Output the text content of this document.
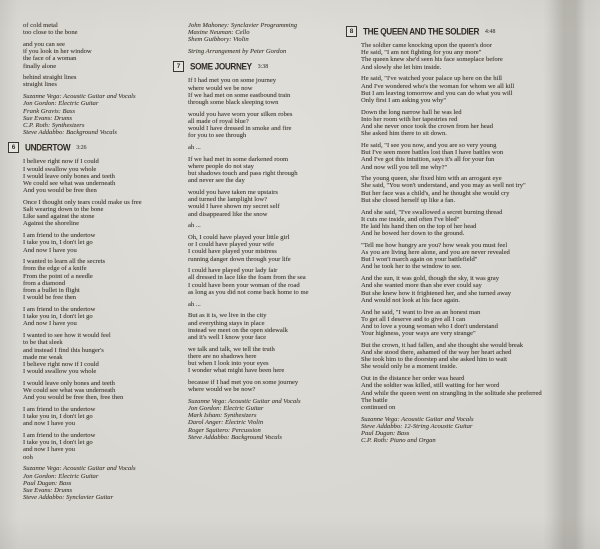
of cold metal
too close to the bone
and you can see
if you look in her window
the face of a woman
finally alone
behind straight lines
straight lines
Suzanne Vega: Acoustic Guitar and Vocals
Jon Gordon: Electric Guitar
Frank Gravis: Bass
Sue Evans: Drums
C.P. Roth: Synthesizers
Steve Addabbo: Background Vocals
6	UNDERTOW 3:26
I believe right now if I could
I would swallow you whole
I would leave only bones and teeth
We could see what was underneath
And you would be free then
Once I thought only tears could make us free
Salt wearing down to the bone
Like sand against the stone
Against the shoreline
I am friend to the undertow
I take you in, I don't let go
And now I have you
I wanted to learn all the secrets
from the edge of a knife
From the point of a needle
from a diamond
from a bullet in flight
I would be free then
I am friend to the undertow
I take you in, I don't let go
And now I have you
I wanted to see how it would feel
to be that sleek
and instead I find this hunger's
made me weak
I believe right now if I could
I would swallow you whole
I would leave only bones and teeth
We could see what was underneath
And you would be free then, free then
I am friend to the undertow
I take you in, I don't let go
and now I have you
I am friend to the undertow
I take you in, I don't let go
and now I have you
ooh
Suzanne Vega: Acoustic Guitar and Vocals
Jon Gordon: Electric Guitar
Paul Dugan: Bass
Sue Evans: Drums
Steve Addabbo: Synclavier Guitar
John Mahoney: Synclavier Programming
Maxine Neuman: Cello
Shem Guibbory: Violin
String Arrangement by Peter Gordon
7	SOME JOURNEY 3:38
If I had met you on some journey
where would we be now
If we had met on some eastbound train
through some black sleeping town
would you have worn your silken robes
all made of royal blue?
would I have dressed in smoke and fire
for you to see through
ah ...
If we had met in some darkened room
where people do not stay
but shadows touch and pass right through
and never see the day
would you have taken me upstairs
and turned the lamplight low?
would I have shown my secret self
and disappeared like the snow
ah ...
Oh, I could have played your little girl
or I could have played your wife
I could have played your mistress
running danger down through your life
I could have played your lady fair
all dressed in lace like the foam from the sea
I could have been your woman of the road
as long as you did not come back home to me
ah ...
But as it is, we live in the city
and everything stays in place
instead we meet on the open sidewalk
and it's well I know your face
we talk and talk, we tell the truth
there are no shadows here
but when I look into your eyes
I wonder what might have been here
because if I had met you on some journey
where would we be now?
Suzanne Vega: Acoustic Guitar and Vocals
Jon Gordon: Electric Guitar
Mark Isham: Synthesizers
Darol Anger: Electric Violin
Roger Squitero: Percussion
Steve Addabbo: Background Vocals
8	THE QUEEN AND THE SOLDIER 4:48
The soldier came knocking upon the queen's door
He said, "I am not fighting for you any more"
The queen knew she'd seen his face someplace before
And slowly she let him inside.
He said, "I've watched your palace up here on the hill
And I've wondered who's the woman for whom we all kill
But I am leaving tomorrow and you can do what you will
Only first I am asking you why"
Down the long narrow hall he was led
Into her room with her tapestries red
And she never once took the crown from her head
She asked him there to sit down.
He said, "I see you now, and you are so very young
But I've seen more battles lost than I have battles won
And I've got this intuition, says it's all for your fun
And now will you tell me why?"
The young queen, she fixed him with an arrogant eye
She said, "You won't understand, and you may as well not try"
But her face was a child's, and he thought she would cry
But she closed herself up like a fan.
And she said, "I've swallowed a secret burning thread
It cuts me inside, and often I've bled"
He laid his hand then on the top of her head
And he bowed her down to the ground.
"Tell me how hungry are you? how weak you must feel
As you are living here alone, and you are never revealed
But I won't march again on your battlefield"
And he took her to the window to see.
And the sun, it was gold, though the sky, it was gray
And she wanted more than she ever could say
But she knew how it frightened her, and she turned away
And would not look at his face again.
And he said, "I want to live as an honest man
To get all I deserve and to give all I can
And to love a young woman who I don't understand
Your highness, your ways are very strange"
But the crown, it had fallen, and she thought she would break
And she stood there, ashamed of the way her heart ached
She took him to the doorstep and she asked him to wait
She would only be a moment inside.
Out in the distance her order was heard
And the soldier was killed, still waiting for her word
And while the queen went on strangling in the solitude she preferred
The battle
continued on
Suzanne Vega: Acoustic Guitar and Vocals
Steve Addabbo: 12-String Acoustic Guitar
Paul Dugan: Bass
C.P. Roth: Piano and Organ
